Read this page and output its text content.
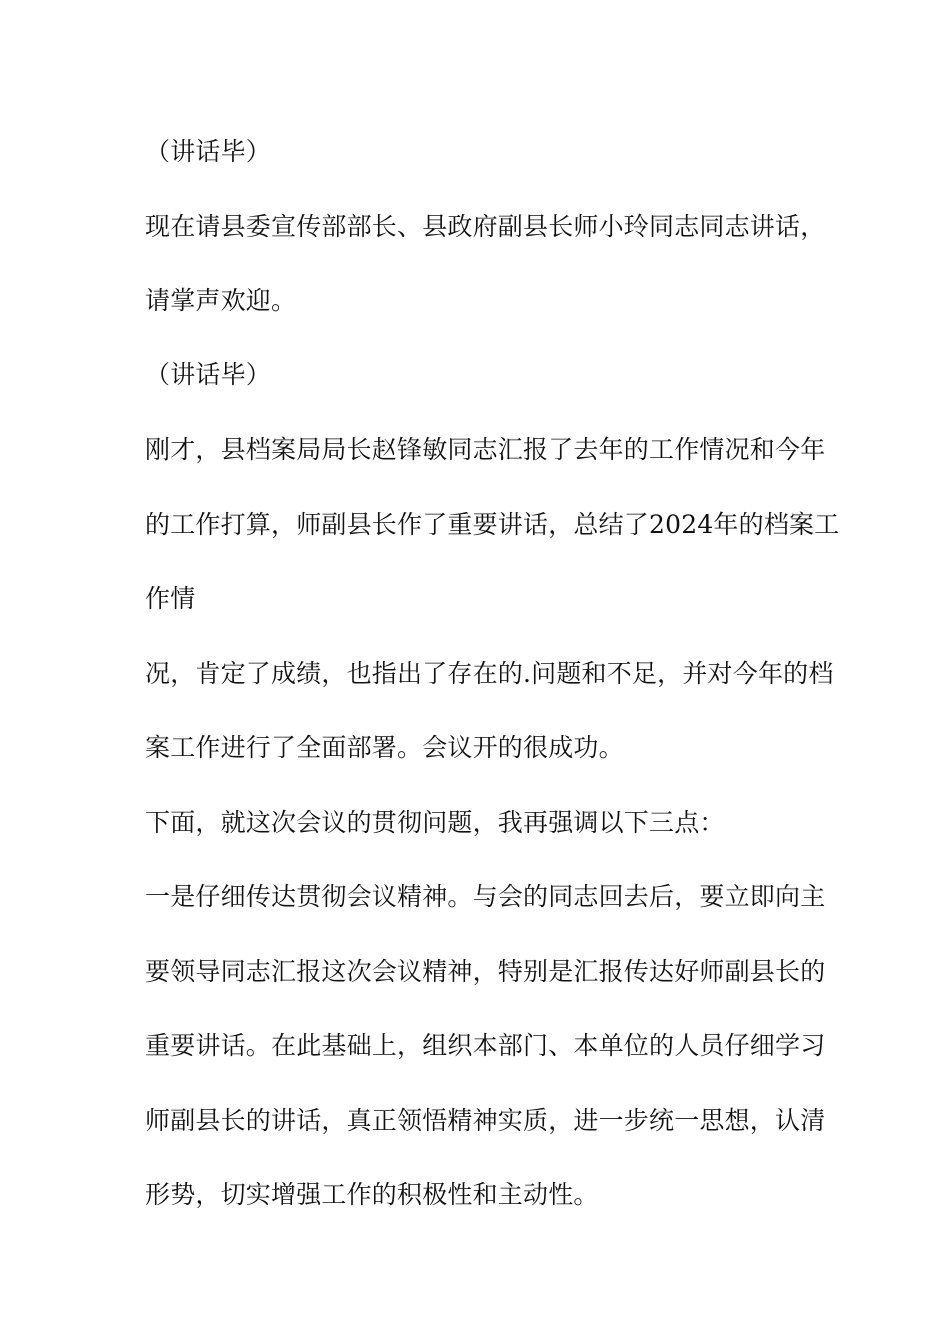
（讲话毕）
现在请县委宣传部部长、县政府副县长师小玲同志同志讲话，
请掌声欢迎。
（讲话毕）
刚才，县档案局局长赵锋敏同志汇报了去年的工作情况和今年
的工作打算，师副县长作了重要讲话，总结了2024年的档案工
作情
况，肯定了成绩，也指出了存在的.问题和不足，并对今年的档
案工作进行了全面部署。会议开的很成功。
下面，就这次会议的贯彻问题，我再强调以下三点：
一是仔细传达贯彻会议精神。与会的同志回去后，要立即向主
要领导同志汇报这次会议精神，特别是汇报传达好师副县长的
重要讲话。在此基础上，组织本部门、本单位的人员仔细学习
师副县长的讲话，真正领悟精神实质，进一步统一思想，认清
形势，切实增强工作的积极性和主动性。
